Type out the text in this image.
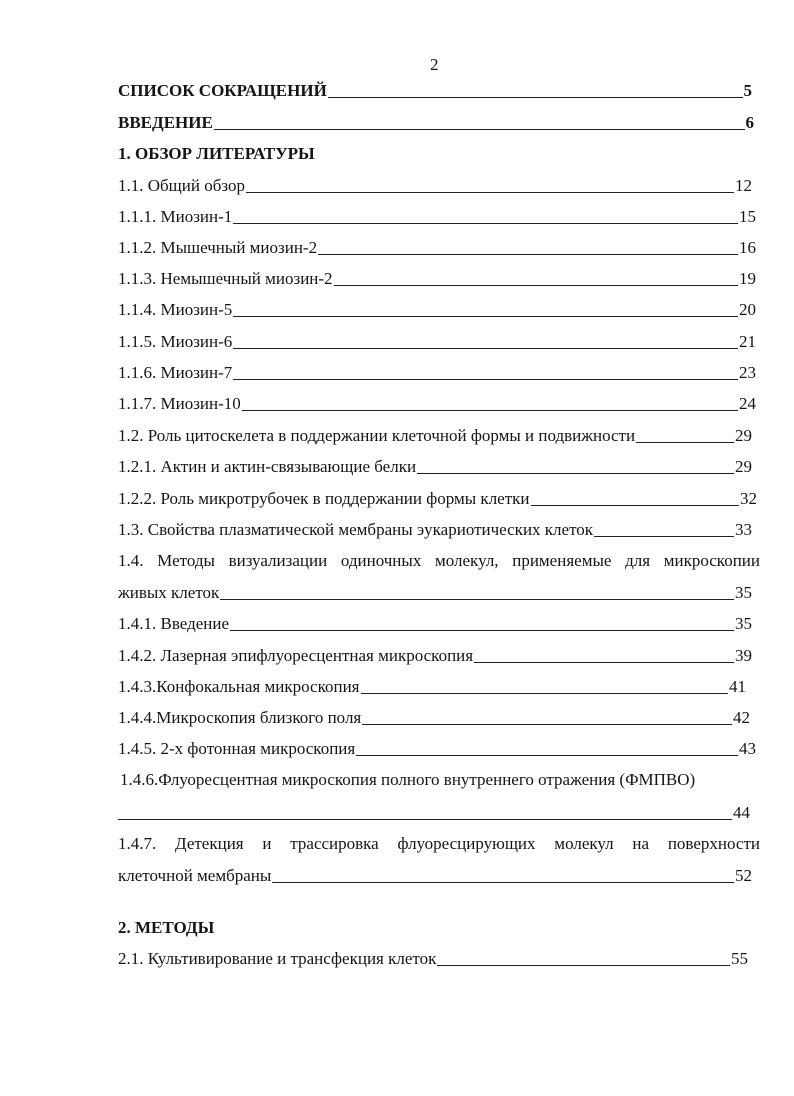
2
СПИСОК СОКРАЩЕНИЙ	5
ВВЕДЕНИЕ	6
1. ОБЗОР ЛИТЕРАТУРЫ
1.1. Общий обзор	12
1.1.1. Миозин-1	15
1.1.2. Мышечный миозин-2	16
1.1.3. Немышечный миозин-2	19
1.1.4. Миозин-5	20
1.1.5. Миозин-6	21
1.1.6. Миозин-7	23
1.1.7. Миозин-10	24
1.2. Роль цитоскелета в поддержании клеточной формы и подвижности	29
1.2.1. Актин и актин-связывающие белки	29
1.2.2. Роль микротрубочек в поддержании формы клетки	32
1.3. Свойства плазматической мембраны эукариотических клеток	33
1.4. Методы визуализации одиночных молекул, применяемые для микроскопии
живых клеток	35
1.4.1. Введение	35
1.4.2. Лазерная эпифлуоресцентная микроскопия	39
1.4.3.Конфокальная микроскопия	41
1.4.4.Микроскопия близкого поля	42
1.4.5. 2-х фотонная микроскопия	43
1.4.6.Флуоресцентная микроскопия полного внутреннего отражения (ФМПВО)
44
1.4.7. Детекция и трассировка флуоресцирующих молекул на поверхности
клеточной мембраны	52
2. МЕТОДЫ
2.1. Культивирование и трансфекция клеток	55
